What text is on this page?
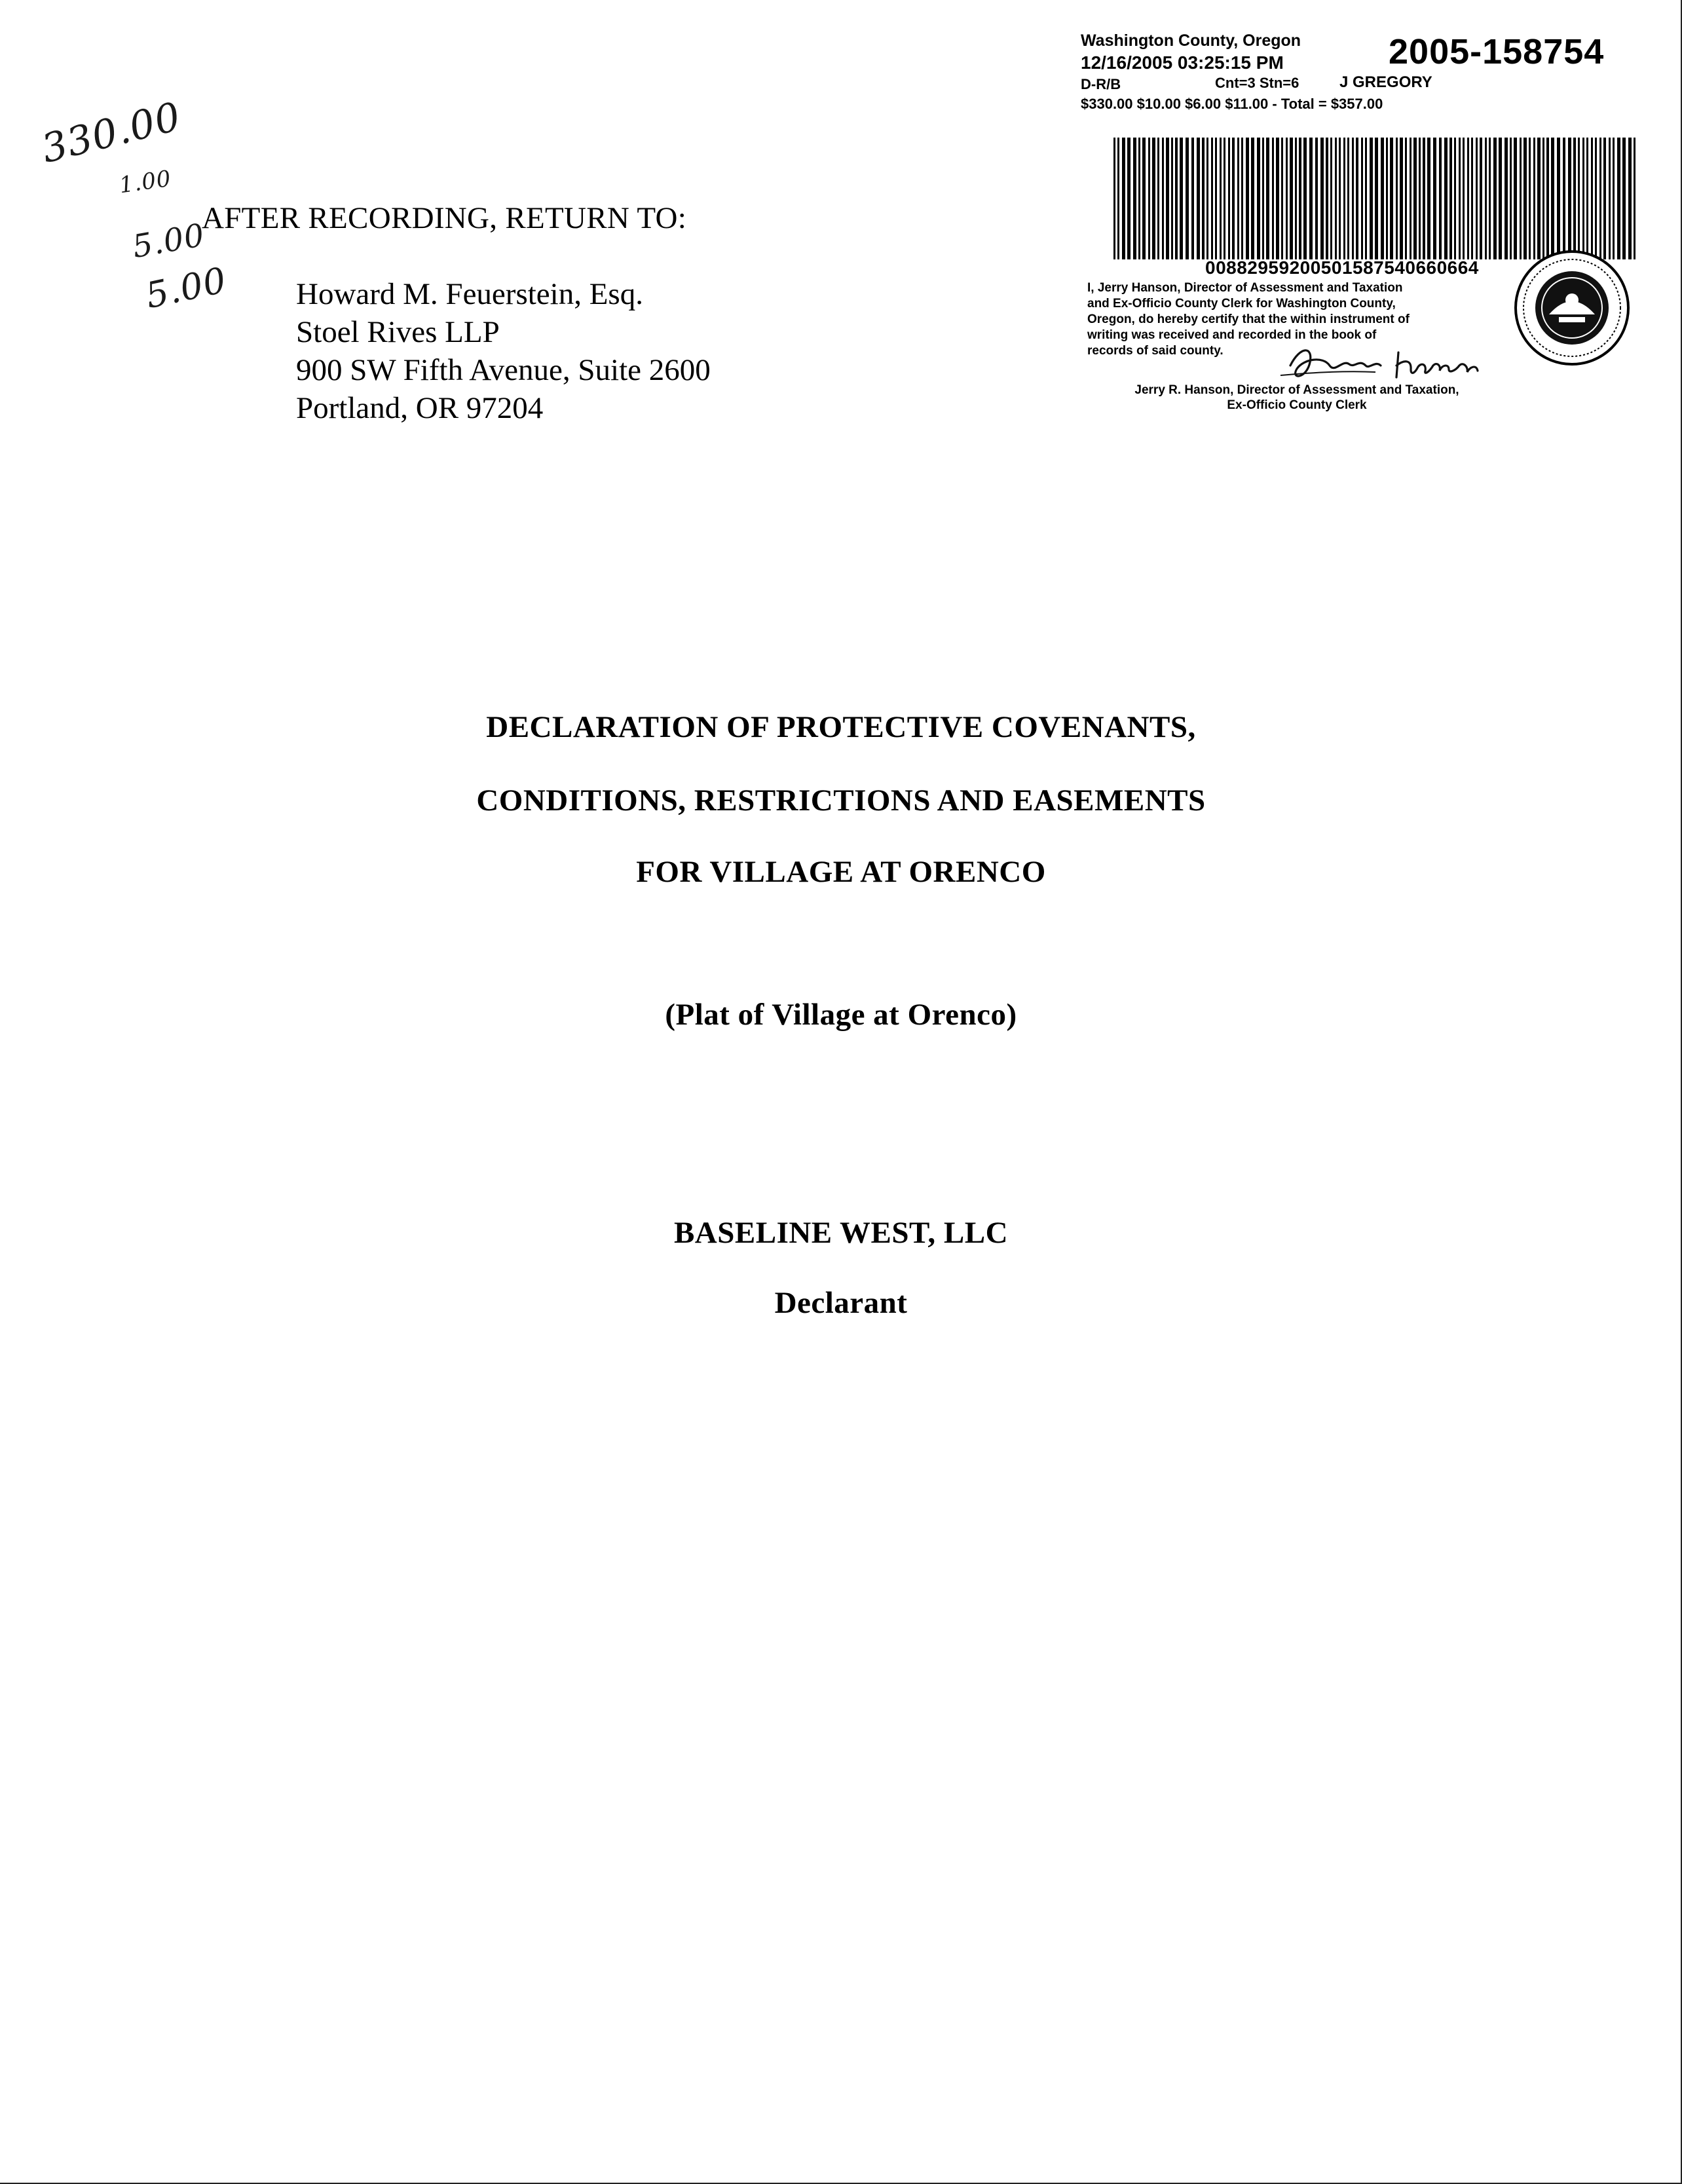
330.00
1.00
5.00
5.00
AFTER RECORDING, RETURN TO:
Howard M. Feuerstein, Esq.
Stoel Rives LLP
900 SW Fifth Avenue, Suite 2600
Portland, OR 97204
Washington County, Oregon 2005-158754
12/16/2005 03:25:15 PM
D-R/B	Cnt=3 Stn=6	J GREGORY
$330.00 $10.00 $6.00 $11.00 - Total = $357.00
00882959200501587540660664
I, Jerry Hanson, Director of Assessment and Taxation
and Ex-Officio County Clerk for Washington County,
Oregon, do hereby certify that the within instrument of
writing was received and recorded in the book of
records of said county.
Jerry R. Hanson, Director of Assessment and Taxation,
Ex-Officio County Clerk
DECLARATION OF PROTECTIVE COVENANTS,
CONDITIONS, RESTRICTIONS AND EASEMENTS
FOR VILLAGE AT ORENCO
(Plat of Village at Orenco)
BASELINE WEST, LLC
Declarant
